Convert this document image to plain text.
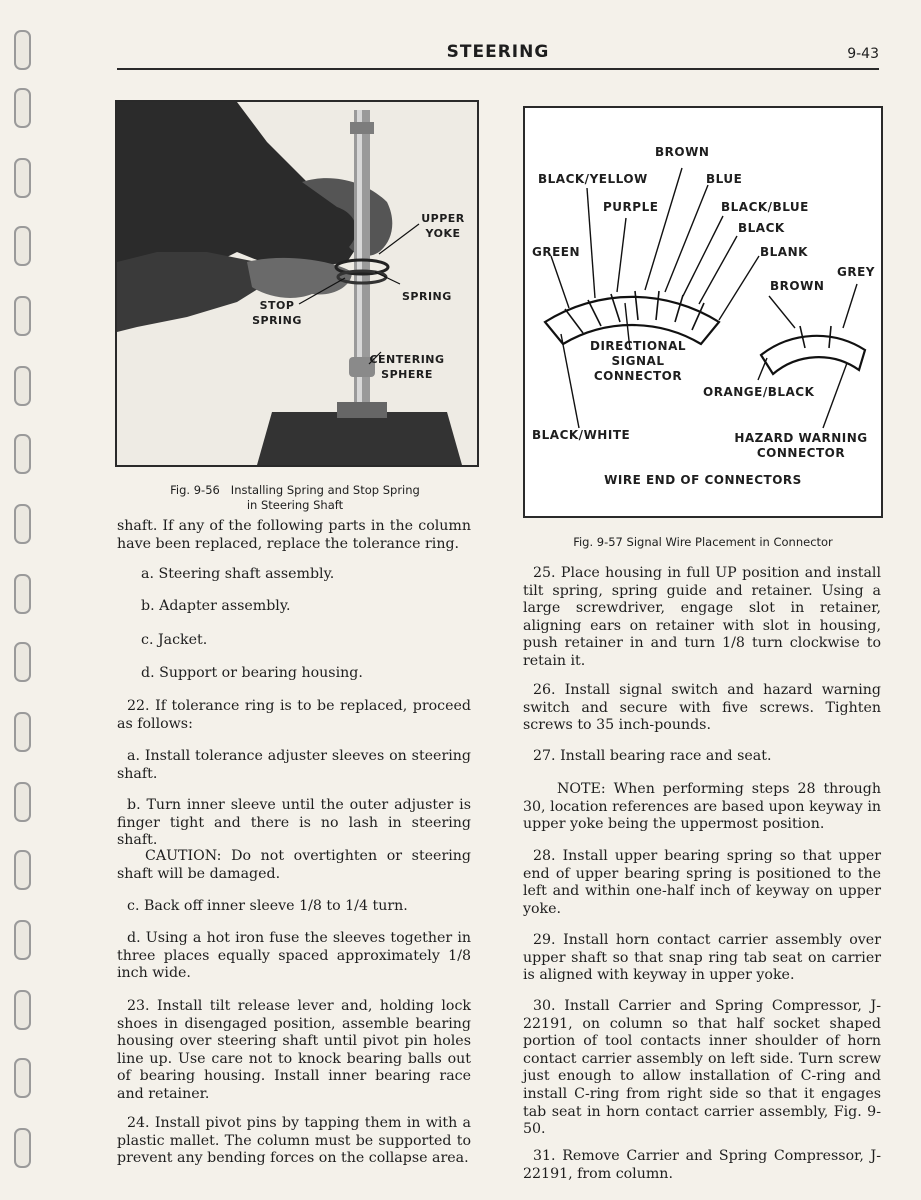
STEERING	9-43
UPPER
YOKE
SPRING
STOP
SPRING
CENTERING
SPHERE
Fig. 9-56   Installing Spring and Stop Spring
in Steering Shaft
BROWN
BLACK/YELLOW	BLUE
PURPLE	BLACK/BLUE
BLACK
GREEN	BLANK
GREY
BROWN
DIRECTIONAL
SIGNAL
CONNECTOR
ORANGE/BLACK
BLACK/WHITE	HAZARD WARNING
CONNECTOR
WIRE END OF CONNECTORS
Fig. 9-57 Signal Wire Placement in Connector
shaft. If any of the following parts in the column have been replaced, replace the tolerance ring.
a. Steering shaft assembly.
b. Adapter assembly.
c. Jacket.
d. Support or bearing housing.
22. If tolerance ring is to be replaced, proceed as follows:
a. Install tolerance adjuster sleeves on steering shaft.
b. Turn inner sleeve until the outer adjuster is finger tight and there is no lash in steering shaft.
CAUTION: Do not overtighten or steering shaft will be damaged.
c. Back off inner sleeve 1/8 to 1/4 turn.
d. Using a hot iron fuse the sleeves together in three places equally spaced approximately 1/8 inch wide.
23. Install tilt release lever and, holding lock shoes in disengaged position, assemble bearing housing over steering shaft until pivot pin holes line up. Use care not to knock bearing balls out of bearing housing. Install inner bearing race and retainer.
24. Install pivot pins by tapping them in with a plastic mallet. The column must be supported to prevent any bending forces on the collapse area.
25. Place housing in full UP position and install tilt spring, spring guide and retainer. Using a large screwdriver, engage slot in retainer, aligning ears on retainer with slot in housing, push retainer in and turn 1/8 turn clockwise to retain it.
26. Install signal switch and hazard warning switch and secure with five screws. Tighten screws to 35 inch-pounds.
27. Install bearing race and seat.
NOTE: When performing steps 28 through 30, location references are based upon keyway in upper yoke being the uppermost position.
28. Install upper bearing spring so that upper end of upper bearing spring is positioned to the left and within one-half inch of keyway on upper yoke.
29. Install horn contact carrier assembly over upper shaft so that snap ring tab seat on carrier is aligned with keyway in upper yoke.
30. Install Carrier and Spring Compressor, J-22191, on column so that half socket shaped portion of tool contacts inner shoulder of horn contact carrier assembly on left side. Turn screw just enough to allow installation of C-ring and install C-ring from right side so that it engages tab seat in horn contact carrier assembly, Fig. 9-50.
31. Remove Carrier and Spring Compressor, J-22191, from column.
